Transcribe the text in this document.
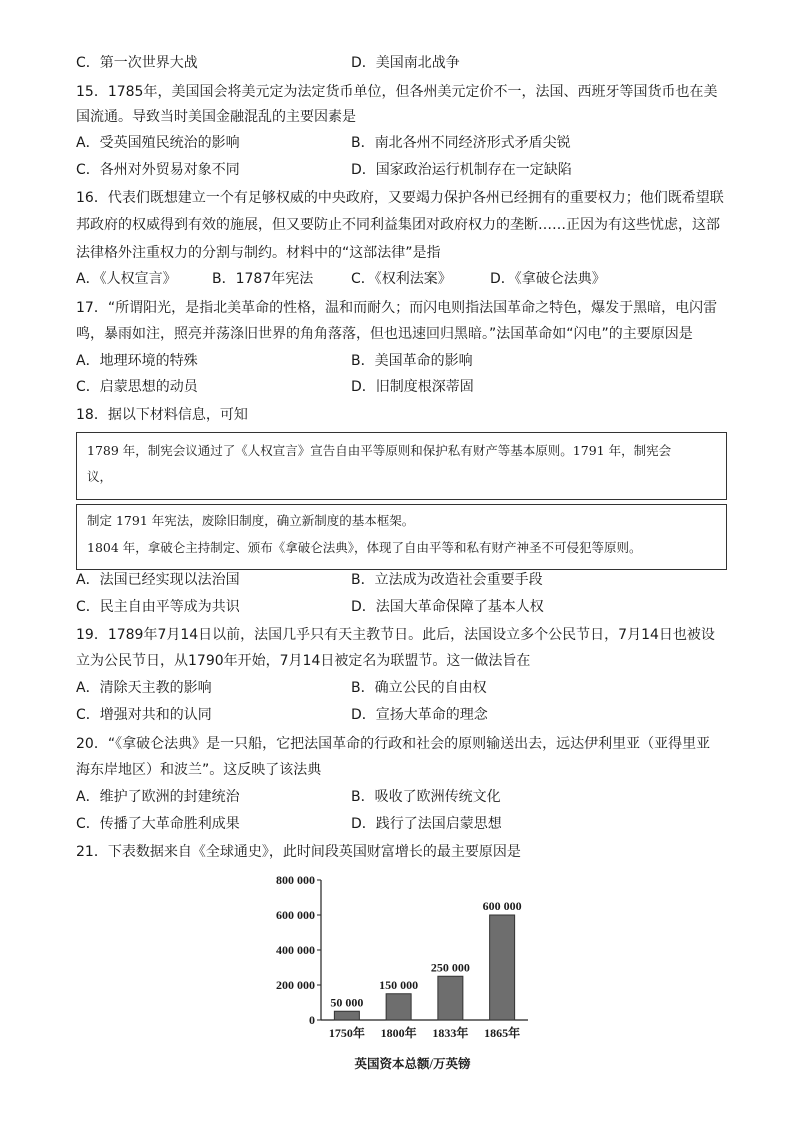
C．第一次世界大战	D．美国南北战争
15．1785年，美国国会将美元定为法定货币单位，但各州美元定价不一，法国、西班牙等国货币也在美
国流通。导致当时美国金融混乱的主要因素是
A．受英国殖民统治的影响	B．南北各州不同经济形式矛盾尖锐
C．各州对外贸易对象不同	D．国家政治运行机制存在一定缺陷
16．代表们既想建立一个有足够权威的中央政府，又要竭力保护各州已经拥有的重要权力；他们既希望联
邦政府的权威得到有效的施展，但又要防止不同利益集团对政府权力的垄断……正因为有这些忧虑，这部
法律格外注重权力的分割与制约。材料中的“这部法律”是指
A．《人权宣言》	B．1787年宪法	C．《权利法案》	D．《拿破仑法典》
17．“所谓阳光，是指北美革命的性格，温和而耐久；而闪电则指法国革命之特色，爆发于黑暗，电闪雷
鸣，暴雨如注，照亮并荡涤旧世界的角角落落，但也迅速回归黑暗。”法国革命如“闪电”的主要原因是
A．地理环境的特殊	B．美国革命的影响
C．启蒙思想的动员	D．旧制度根深蒂固
18．据以下材料信息，可知
1789 年，制宪会议通过了《人权宣言》宣告自由平等原则和保护私有财产等基本原则。1791 年，制宪会
议，
制定 1791 年宪法，废除旧制度，确立新制度的基本框架。
1804 年，拿破仑主持制定、颁布《拿破仑法典》，体现了自由平等和私有财产神圣不可侵犯等原则。
A．法国已经实现以法治国	B．立法成为改造社会重要手段
C．民主自由平等成为共识	D．法国大革命保障了基本人权
19．1789年7月14日以前，法国几乎只有天主教节日。此后，法国设立多个公民节日，7月14日也被设
立为公民节日，从1790年开始，7月14日被定名为联盟节。这一做法旨在
A．清除天主教的影响	B．确立公民的自由权
C．增强对共和的认同	D．宣扬大革命的理念
20．“《拿破仑法典》是一只船，它把法国革命的行政和社会的原则输送出去，远达伊利里亚（亚得里亚
海东岸地区）和波兰”。这反映了该法典
A．维护了欧洲的封建统治	B．吸收了欧洲传统文化
C．传播了大革命胜利成果	D．践行了法国启蒙思想
21．下表数据来自《全球通史》，此时间段英国财富增长的最主要原因是
0
200 000
400 000
600 000
800 000
50 000
1750年
150 000
1800年
250 000
1833年
600 000
1865年
英国资本总额/万英镑
